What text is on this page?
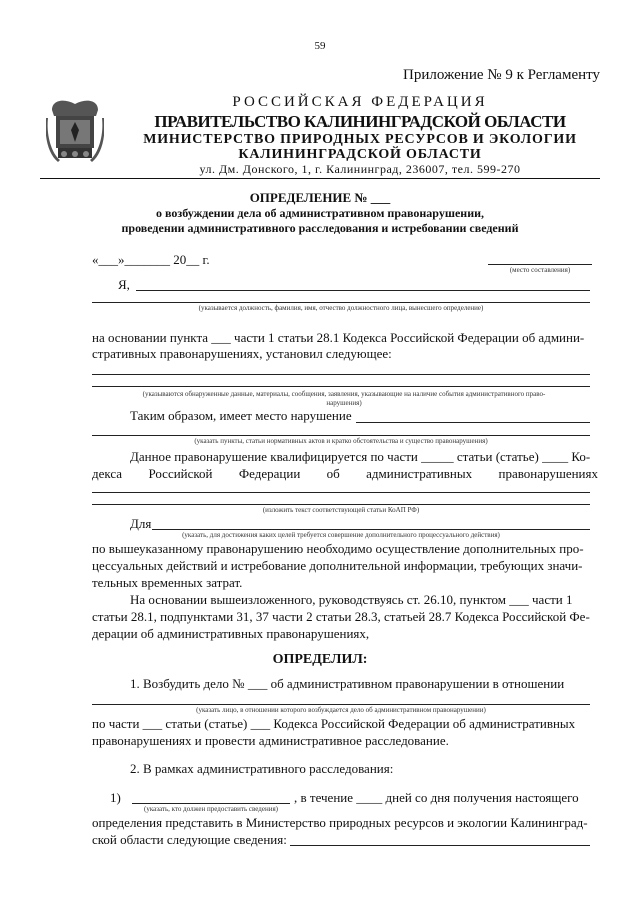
59
Приложение № 9 к Регламенту
РОССИЙСКАЯ ФЕДЕРАЦИЯ
ПРАВИТЕЛЬСТВО КАЛИНИНГРАДСКОЙ ОБЛАСТИ
МИНИСТЕРСТВО ПРИРОДНЫХ РЕСУРСОВ И ЭКОЛОГИИ
КАЛИНИНГРАДСКОЙ ОБЛАСТИ
ул. Дм. Донского, 1, г. Калининград, 236007, тел. 599-270
ОПРЕДЕЛЕНИЕ № ___
о возбуждении дела об административном правонарушении,
проведении административного расследования и истребовании сведений
«___»_______ 20__ г.
(место составления)
Я,
(указывается должность, фамилия, имя, отчество должностного лица, вынесшего определение)
на основании пункта ___ части 1 статьи 28.1 Кодекса Российской Федерации об админи-
стративных правонарушениях, установил следующее:
(указываются обнаруженные данные, материалы, сообщения, заявления, указывающие на наличие события административного право-
нарушения)
Таким образом, имеет место нарушение
(указать пункты, статьи нормативных актов и кратко обстоятельства и существо правонарушения)
Данное правонарушение квалифицируется по части _____ статьи (статье) ____ Ко-
декса Российской Федерации об административных правонарушениях
(изложить текст соответствующей статьи КоАП РФ)
Для
(указать, для достижения каких целей требуется совершение дополнительного процессуального действия)
по вышеуказанному правонарушению необходимо осуществление дополнительных про-
цессуальных действий и истребование дополнительной информации, требующих значи-
тельных временных затрат.
На основании вышеизложенного, руководствуясь ст. 26.10, пунктом ___ части 1
статьи 28.1, подпунктами 31, 37 части 2 статьи 28.3, статьей 28.7 Кодекса Российской Фе-
дерации об административных правонарушениях,
ОПРЕДЕЛИЛ:
1. Возбудить дело № ___ об административном правонарушении в отношении
(указать лицо, в отношении которого возбуждается дело об административном правонарушении)
по части ___ статьи (статье) ___ Кодекса Российской Федерации об административных
правонарушениях и провести административное расследование.
2. В рамках административного расследования:
1)	, в течение ____ дней со дня получения настоящего
(указать, кто должен предоставить сведения)
определения представить в Министерство природных ресурсов и экологии Калининград-
ской области следующие сведения:
